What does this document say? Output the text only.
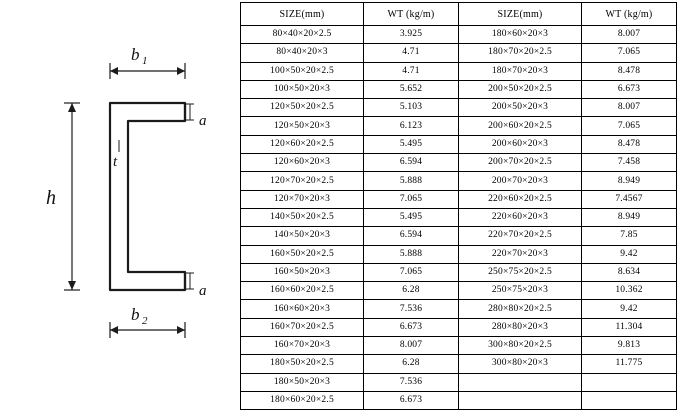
b 1
b 2
h
t
a
a
SIZE(mm)	WT (kg/m)	SIZE(mm)	WT (kg/m)
80×40×20×2.5	3.925	180×60×20×3	8.007
80×40×20×3	4.71	180×70×20×2.5	7.065
100×50×20×2.5	4.71	180×70×20×3	8.478
100×50×20×3	5.652	200×50×20×2.5	6.673
120×50×20×2.5	5.103	200×50×20×3	8.007
120×50×20×3	6.123	200×60×20×2.5	7.065
120×60×20×2.5	5.495	200×60×20×3	8.478
120×60×20×3	6.594	200×70×20×2.5	7.458
120×70×20×2.5	5.888	200×70×20×3	8.949
120×70×20×3	7.065	220×60×20×2.5	7.4567
140×50×20×2.5	5.495	220×60×20×3	8.949
140×50×20×3	6.594	220×70×20×2.5	7.85
160×50×20×2.5	5.888	220×70×20×3	9.42
160×50×20×3	7.065	250×75×20×2.5	8.634
160×60×20×2.5	6.28	250×75×20×3	10.362
160×60×20×3	7.536	280×80×20×2.5	9.42
160×70×20×2.5	6.673	280×80×20×3	11.304
160×70×20×3	8.007	300×80×20×2.5	9.813
180×50×20×2.5	6.28	300×80×20×3	11.775
180×50×20×3	7.536		
180×60×20×2.5	6.673		
